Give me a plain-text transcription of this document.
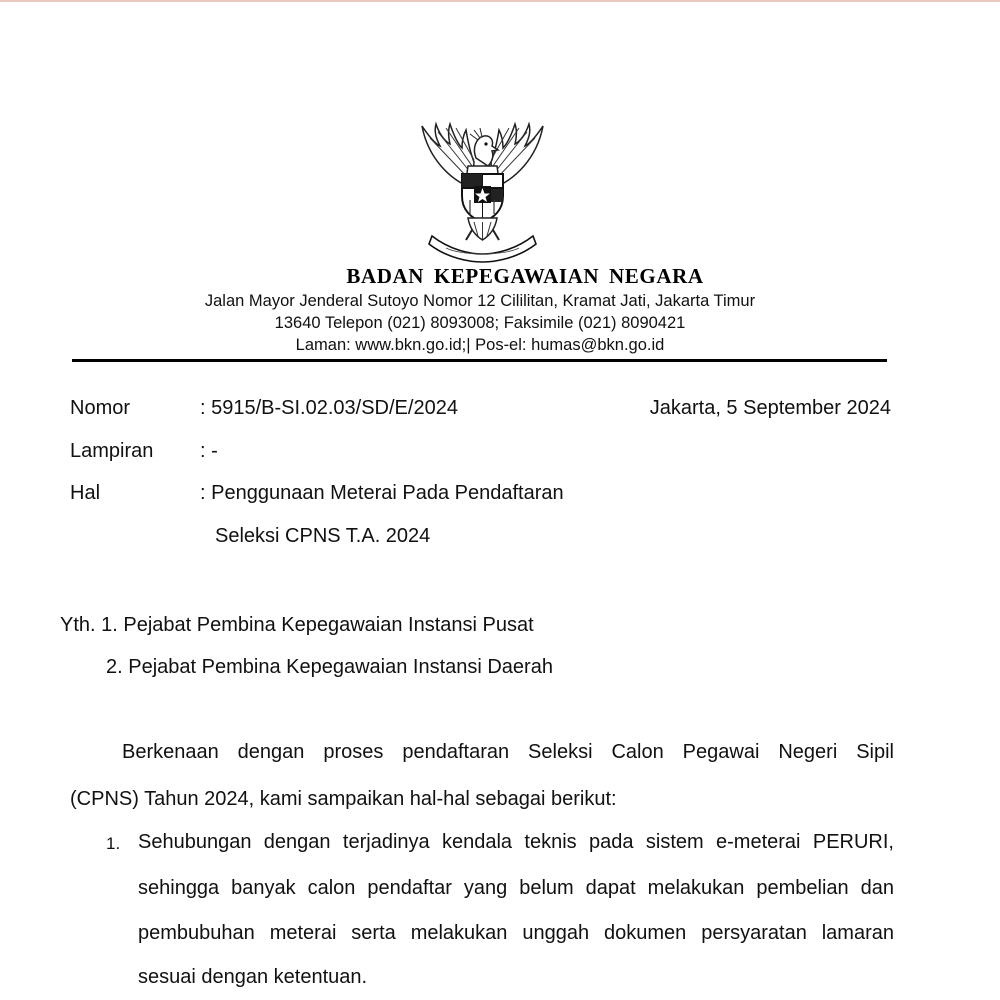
BADAN KEPEGAWAIAN NEGARA
Jalan Mayor Jenderal Sutoyo Nomor 12 Cililitan, Kramat Jati, Jakarta Timur
13640 Telepon (021) 8093008; Faksimile (021) 8090421
Laman: www.bkn.go.id;| Pos-el: humas@bkn.go.id
Nomor	: 5915/B-SI.02.03/SD/E/2024	Jakarta, 5 September 2024
Lampiran : -
Hal	: Penggunaan Meterai Pada Pendaftaran
Seleksi CPNS T.A. 2024
Yth. 1. Pejabat Pembina Kepegawaian Instansi Pusat
2. Pejabat Pembina Kepegawaian Instansi Daerah
Berkenaan dengan proses pendaftaran Seleksi Calon Pegawai Negeri Sipil
(CPNS) Tahun 2024, kami sampaikan hal-hal sebagai berikut:
1. Sehubungan dengan terjadinya kendala teknis pada sistem e-meterai PERURI,
sehingga banyak calon pendaftar yang belum dapat melakukan pembelian dan
pembubuhan meterai serta melakukan unggah dokumen persyaratan lamaran
sesuai dengan ketentuan.
